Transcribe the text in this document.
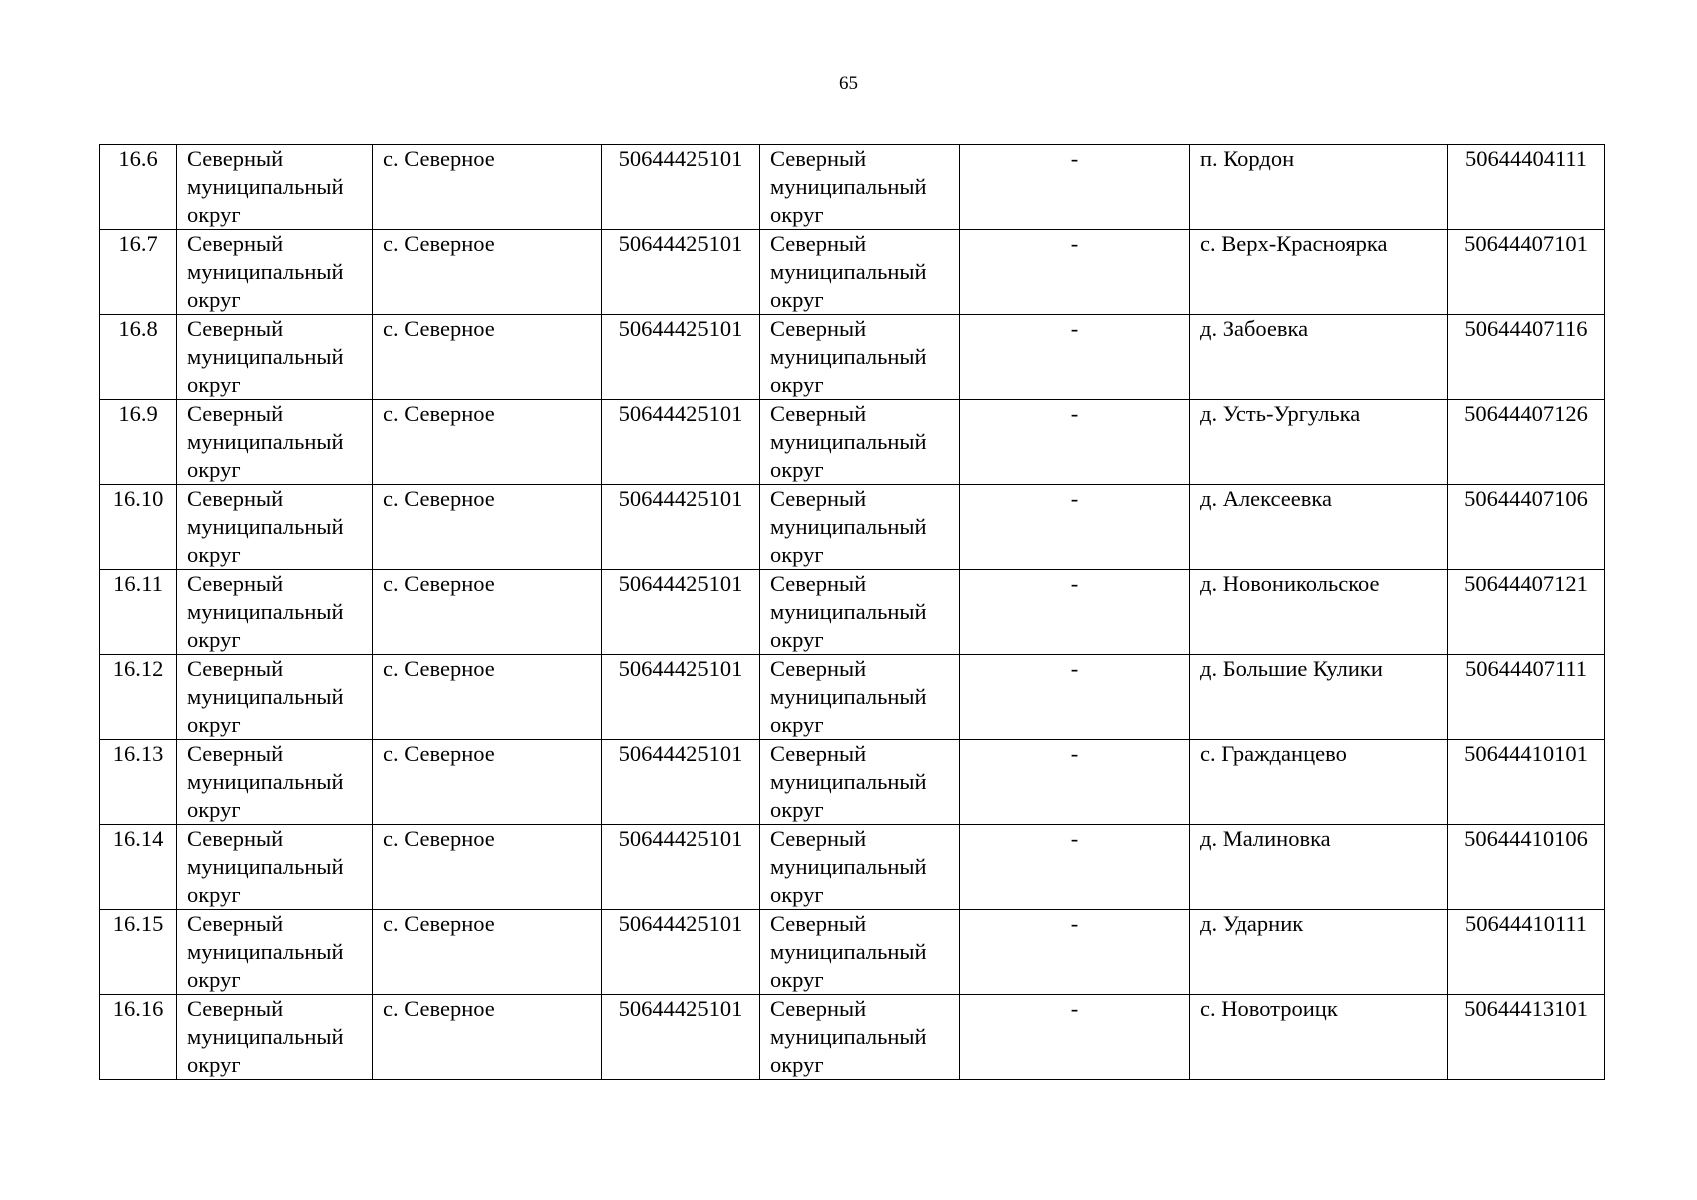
65
16.6	Северный муниципальный округ	с. Северное	50644425101	Северный муниципальный округ	-	п. Кордон	50644404111
16.7	Северный муниципальный округ	с. Северное	50644425101	Северный муниципальный округ	-	с. Верх-Красноярка	50644407101
16.8	Северный муниципальный округ	с. Северное	50644425101	Северный муниципальный округ	-	д. Забоевка	50644407116
16.9	Северный муниципальный округ	с. Северное	50644425101	Северный муниципальный округ	-	д. Усть-Ургулька	50644407126
16.10	Северный муниципальный округ	с. Северное	50644425101	Северный муниципальный округ	-	д. Алексеевка	50644407106
16.11	Северный муниципальный округ	с. Северное	50644425101	Северный муниципальный округ	-	д. Новоникольское	50644407121
16.12	Северный муниципальный округ	с. Северное	50644425101	Северный муниципальный округ	-	д. Большие Кулики	50644407111
16.13	Северный муниципальный округ	с. Северное	50644425101	Северный муниципальный округ	-	с. Гражданцево	50644410101
16.14	Северный муниципальный округ	с. Северное	50644425101	Северный муниципальный округ	-	д. Малиновка	50644410106
16.15	Северный муниципальный округ	с. Северное	50644425101	Северный муниципальный округ	-	д. Ударник	50644410111
16.16	Северный муниципальный округ	с. Северное	50644425101	Северный муниципальный округ	-	с. Новотроицк	50644413101
